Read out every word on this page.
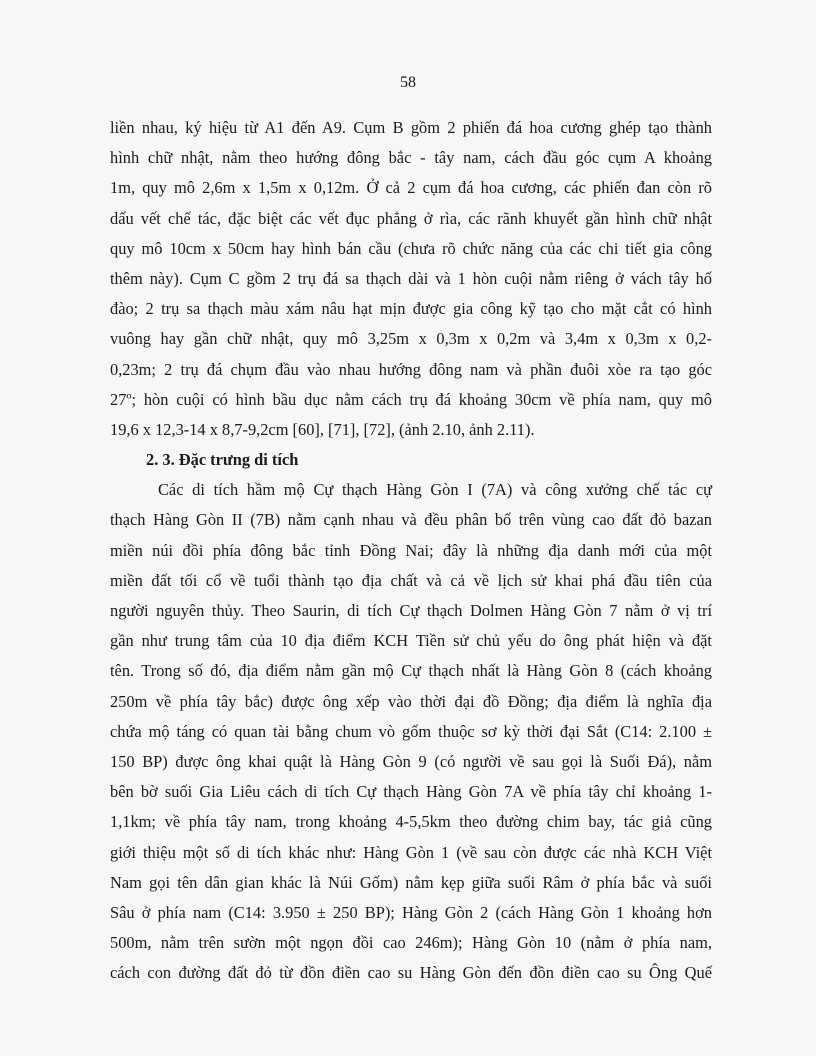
58
liền nhau, ký hiệu từ A1 đến A9. Cụm B gồm 2 phiến đá hoa cương ghép tạo thành
hình chữ nhật, nằm theo hướng đông bắc - tây nam, cách đầu góc cụm A khoảng
1m, quy mô 2,6m x 1,5m x 0,12m. Ở cả 2 cụm đá hoa cương, các phiến đan còn rõ
dấu vết chế tác, đặc biệt các vết đục phẳng ở rìa, các rãnh khuyết gần hình chữ nhật
quy mô 10cm x 50cm hay hình bán cầu (chưa rõ chức năng của các chi tiết gia công
thêm này). Cụm C gồm 2 trụ đá sa thạch dài và 1 hòn cuội nằm riêng ở vách tây hố
đào; 2 trụ sa thạch màu xám nâu hạt mịn được gia công kỹ tạo cho mặt cắt có hình
vuông hay gần chữ nhật, quy mô 3,25m x 0,3m x 0,2m và 3,4m x 0,3m x 0,2-
0,23m; 2 trụ đá chụm đầu vào nhau hướng đông nam và phần đuôi xòe ra tạo góc
27º; hòn cuội có hình bầu dục nằm cách trụ đá khoảng 30cm về phía nam, quy mô
19,6 x 12,3-14 x 8,7-9,2cm [60], [71], [72], (ảnh 2.10, ảnh 2.11).
2. 3. Đặc trưng di tích
Các di tích hầm mộ Cự thạch Hàng Gòn I (7A) và công xưởng chế tác cự
thạch Hàng Gòn II (7B) nằm cạnh nhau và đều phân bố trên vùng cao đất đỏ bazan
miền núi đồi phía đông bắc tỉnh Đồng Nai; đây là những địa danh mới của một
miền đất tối cổ về tuổi thành tạo địa chất và cả về lịch sử khai phá đầu tiên của
người nguyên thủy. Theo Saurin, di tích Cự thạch Dolmen Hàng Gòn 7 nằm ở vị trí
gần như trung tâm của 10 địa điểm KCH Tiền sử chủ yếu do ông phát hiện và đặt
tên. Trong số đó, địa điểm nằm gần mộ Cự thạch nhất là Hàng Gòn 8 (cách khoảng
250m về phía tây bắc) được ông xếp vào thời đại đồ Đồng; địa điểm là nghĩa địa
chứa mộ táng có quan tài bằng chum vò gốm thuộc sơ kỳ thời đại Sắt (C14: 2.100 ±
150 BP) được ông khai quật là Hàng Gòn 9 (có người về sau gọi là Suối Đá), nằm
bên bờ suối Gia Liêu cách di tích Cự thạch Hàng Gòn 7A về phía tây chỉ khoảng 1-
1,1km; về phía tây nam, trong khoảng 4-5,5km theo đường chim bay, tác giả cũng
giới thiệu một số di tích khác như: Hàng Gòn 1 (về sau còn được các nhà KCH Việt
Nam gọi tên dân gian khác là Núi Gốm) nằm kẹp giữa suối Râm ở phía bắc và suối
Sâu ở phía nam (C14: 3.950 ± 250 BP); Hàng Gòn 2 (cách Hàng Gòn 1 khoảng hơn
500m, nằm trên sườn một ngọn đồi cao 246m); Hàng Gòn 10 (nằm ở phía nam,
cách con đường đất đỏ từ đồn điền cao su Hàng Gòn đến đồn điền cao su Ông Quế
